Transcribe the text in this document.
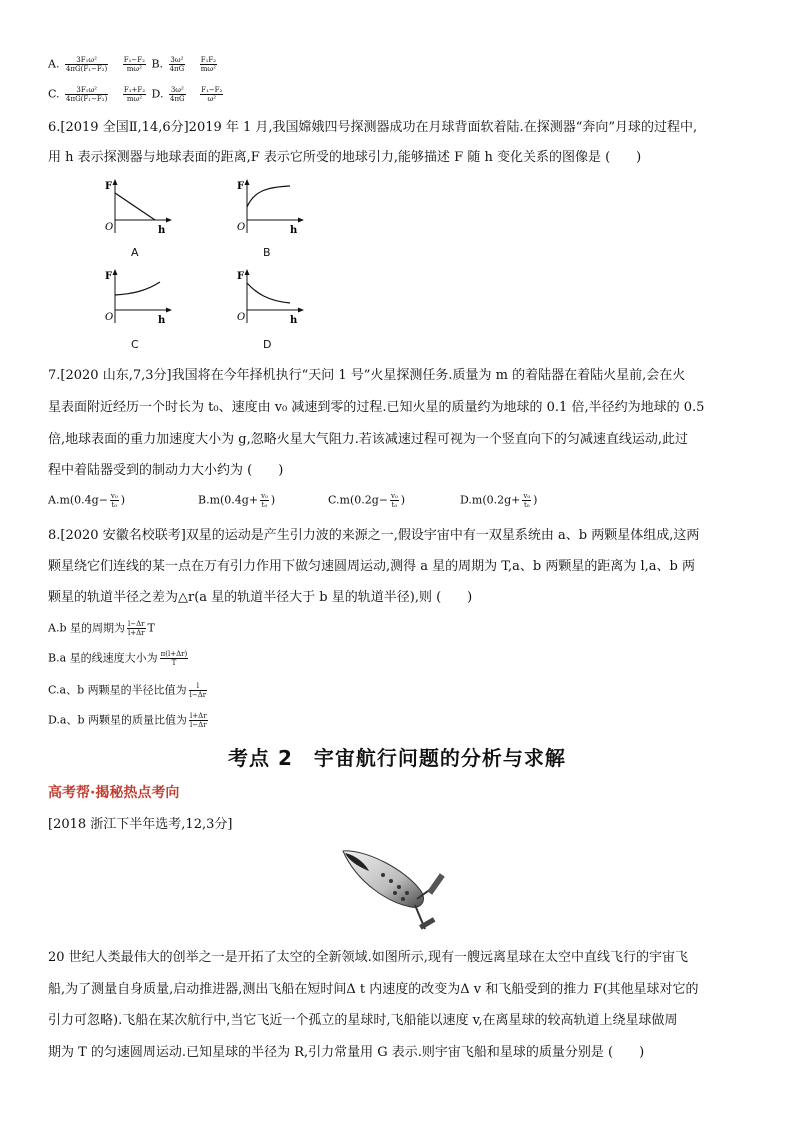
A. $\frac{\text{3F₁ω²}}{\text{4πG(F₁−F₂)}}$
$\frac{\text{F₁−F₂}}{\text{mω²}} B$. $\frac{\text{3ω²}}{4\pi G}$
$\frac{\text{F₁F₂}}{\text{mω²}}$
C. $\frac{\text{3F₁ω²}}{\text{4πG(F₁−F₂)}}$
$\frac{\text{F₁+F₂}}{\text{mω²}} D$. $\frac{\text{3ω²}}{4\pi G}$
$\frac{\text{F₁−F₂}}{\text{ω²}}$
6.[2019 全国Ⅱ,14,6分]2019 年 1 月,我国嫦娥四号探测器成功在月球背面软着陆.在探测器“奔向”月球的过程中,
用 h 表示探测器与地球表面的距离,F 表示它所受的地球引力,能够描述 F 随 h 变化关系的图像是 (　　)
F
O	h
A
F
O	h
B
F
O	h
C
F
O	h
D
7.[2020 山东,7,3分]我国将在今年择机执行“天问 1 号”火星探测任务.质量为 m 的着陆器在着陆火星前,会在火
星表面附近经历一个时长为 t₀、速度由 v₀ 减速到零的过程.已知火星的质量约为地球的 0.1 倍,半径约为地球的 0.5
倍,地球表面的重力加速度大小为 g,忽略火星大气阻力.若该减速过程可视为一个竖直向下的匀减速直线运动,此过
程中着陆器受到的制动力大小约为 (　　)
$A.m(0.4g- \frac{\text{v₀}}{\text{t₀}}$ )	$B.m(0.4g+ \frac{\text{v₀}}{\text{t₀}}$ )	$C.m(0.2g- \frac{\text{v₀}}{\text{t₀}}$ )	$D.m(0.2g+ \frac{\text{v₀}}{\text{t₀}}$ )
8.[2020 安徽名校联考]双星的运动是产生引力波的来源之一,假设宇宙中有一双星系统由 a、b 两颗星体组成,这两
颗星绕它们连线的某一点在万有引力作用下做匀速圆周运动,测得 a 星的周期为 T,a、b 两颗星的距离为 l,a、b 两
颗星的轨道半径之差为△r(a 星的轨道半径大于 b 星的轨道半径),则 (　　)
A.b 星的周期为 $\frac{l-\Delta r}{l+\Delta r}$ T
B.a 星的线速度大小为 $\frac{\pi(l+\Delta r)}{T}$
C.a、b 两颗星的半径比值为 $\frac{l}{l-\Delta r}$
D.a、b 两颗星的质量比值为 $\frac{l+\Delta r}{l-\Delta r}$
考点 2　宇宙航行问题的分析与求解
高考帮·揭秘热点考向
[2018 浙江下半年选考,12,3分]
20 世纪人类最伟大的创举之一是开拓了太空的全新领域.如图所示,现有一艘远离星球在太空中直线飞行的宇宙飞
船,为了测量自身质量,启动推进器,测出飞船在短时间Δ t 内速度的改变为Δ v 和飞船受到的推力 F(其他星球对它的
引力可忽略).飞船在某次航行中,当它飞近一个孤立的星球时,飞船能以速度 v,在离星球的较高轨道上绕星球做周
期为 T 的匀速圆周运动.已知星球的半径为 R,引力常量用 G 表示.则宇宙飞船和星球的质量分别是 (　　)
